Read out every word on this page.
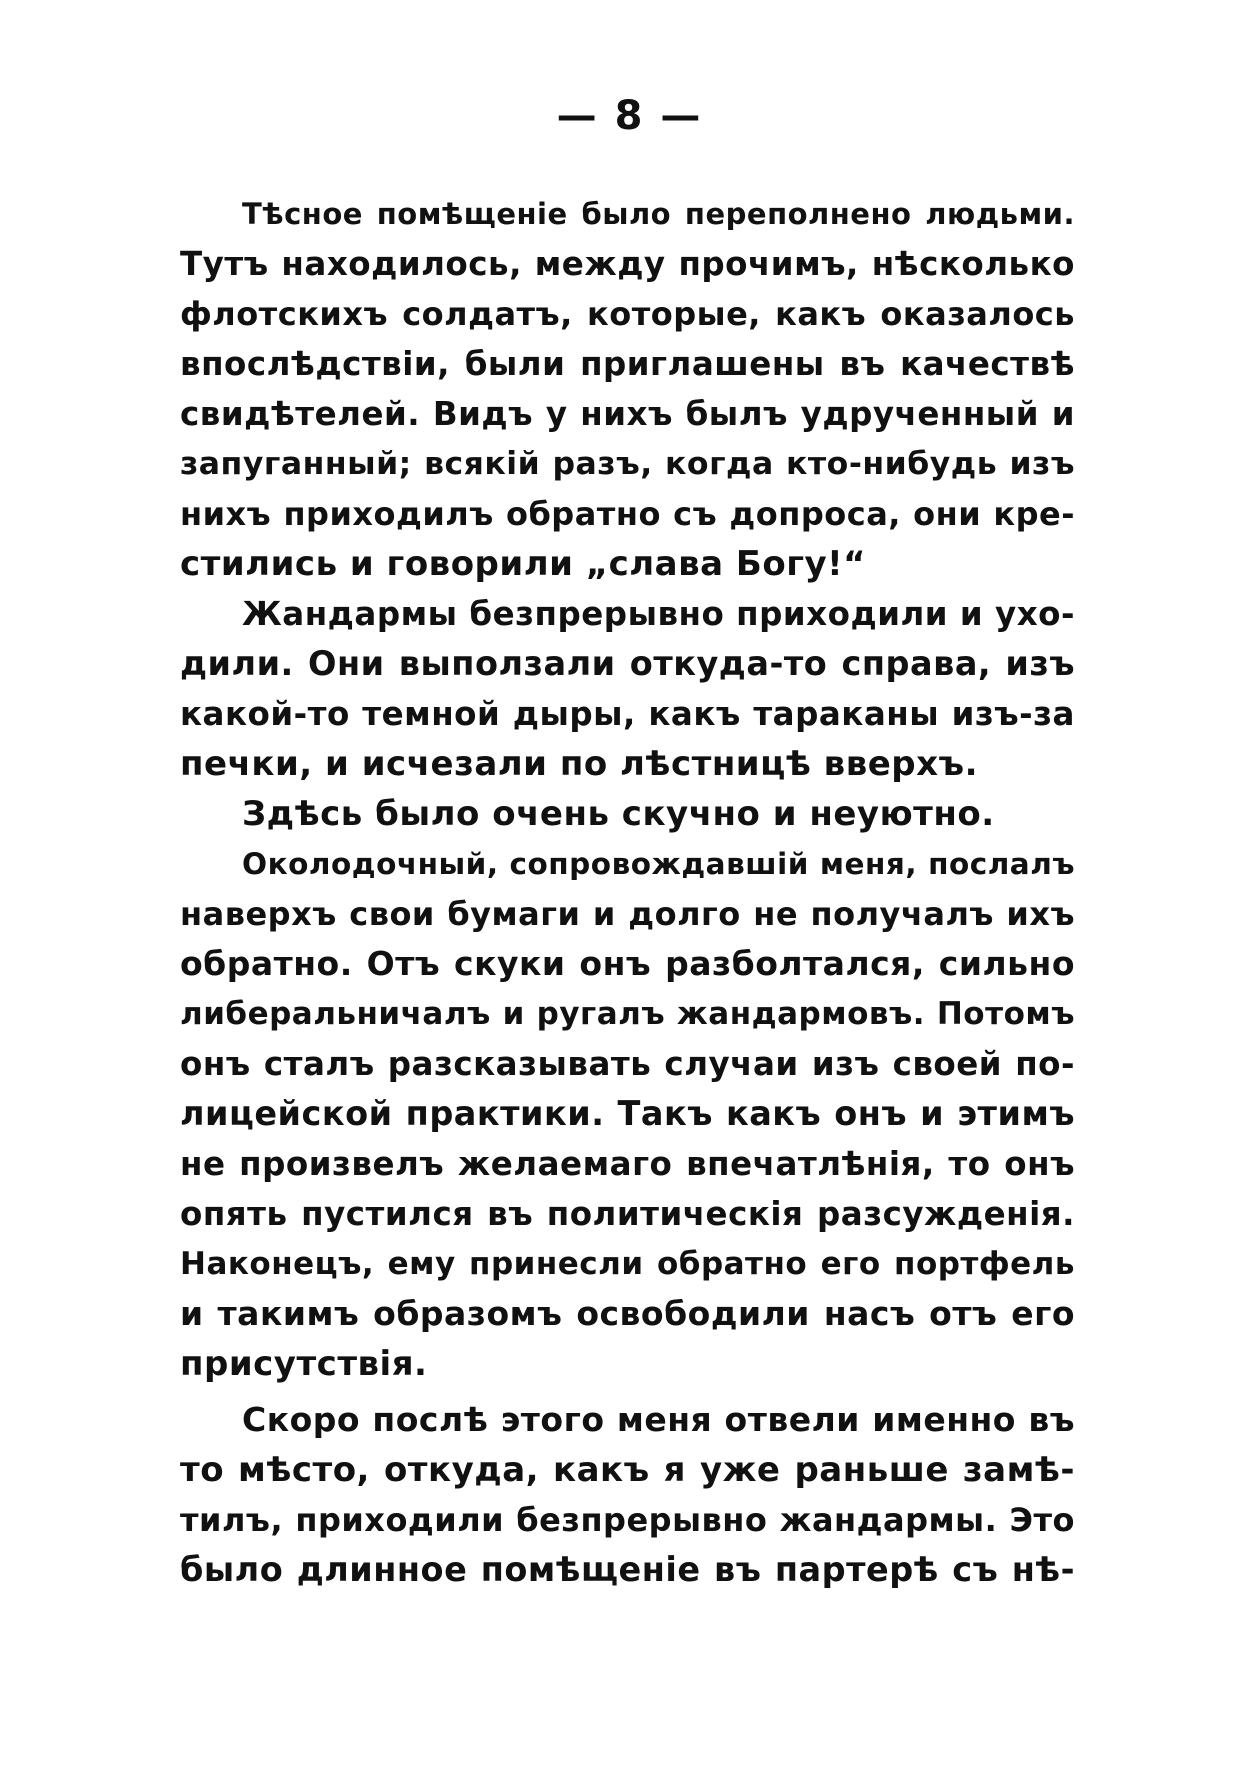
— 8 —
Тѣсное помѣщеніе было переполнено людьми.
Тутъ находилось, между прочимъ, нѣсколько
флотскихъ солдатъ, которые, какъ оказалось
впослѣдствіи, были приглашены въ качествѣ
свидѣтелей. Видъ у нихъ былъ удрученный и
запуганный; всякій разъ, когда кто-нибудь изъ
нихъ приходилъ обратно съ допроса, они кре-
стились и говорили „слава Богу!“
Жандармы безпрерывно приходили и ухо-
дили. Они выползали откуда-то справа, изъ
какой-то темной дыры, какъ тараканы изъ-за
печки, и исчезали по лѣстницѣ вверхъ.
Здѣсь было очень скучно и неуютно.
Околодочный, сопровождавшій меня, послалъ
наверхъ свои бумаги и долго не получалъ ихъ
обратно. Отъ скуки онъ разболтался, сильно
либеральничалъ и ругалъ жандармовъ. Потомъ
онъ сталъ разсказывать случаи изъ своей по-
лицейской практики. Такъ какъ онъ и этимъ
не произвелъ желаемаго впечатлѣнія, то онъ
опять пустился въ политическія разсужденія.
Наконецъ, ему принесли обратно его портфель
и такимъ образомъ освободили насъ отъ его
присутствія.
Скоро послѣ этого меня отвели именно въ
то мѣсто, откуда, какъ я уже раньше замѣ-
тилъ, приходили безпрерывно жандармы. Это
было длинное помѣщеніе въ партерѣ съ нѣ-
